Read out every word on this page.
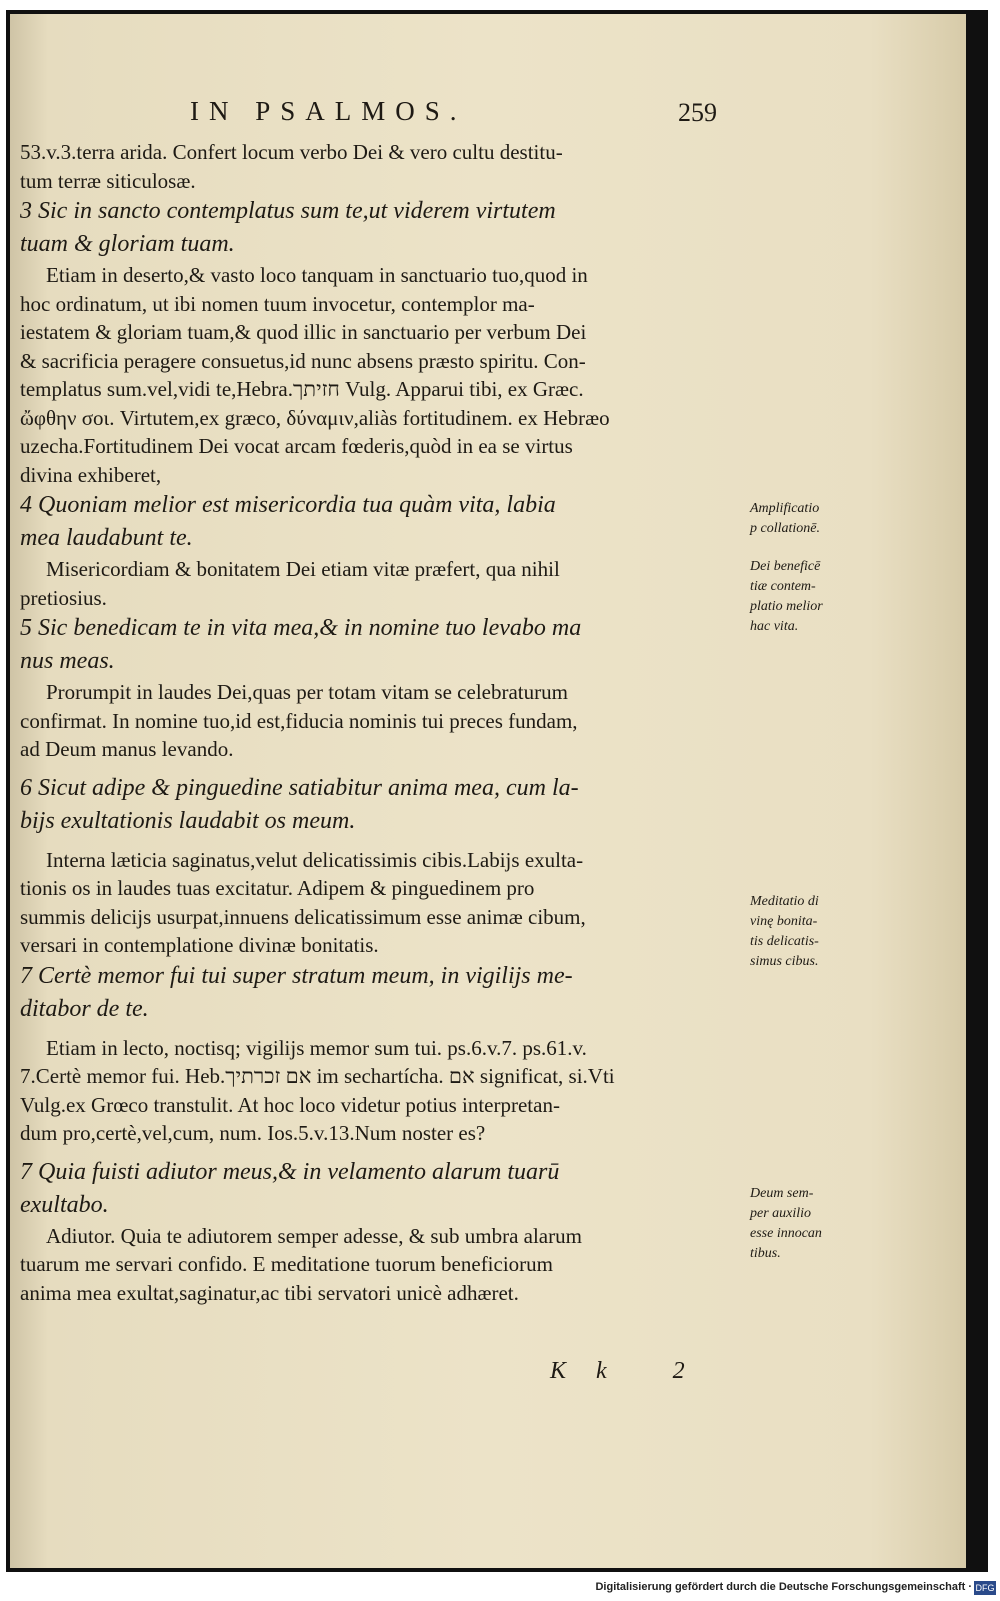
IN PSALMOS.	259
53.v.3.terra arida. Confert locum verbo Dei & vero cultu destitu-
tum terræ siticulosæ.
3 Sic in sancto contemplatus sum te,ut viderem virtutem
tuam & gloriam tuam.
Etiam in deserto,& vasto loco tanquam in sanctuario tuo,quod in
hoc ordinatum, ut ibi nomen tuum invocetur, contemplor ma-
iestatem & gloriam tuam,& quod illic in sanctuario per verbum Dei
& sacrificia peragere consuetus,id nunc absens præsto spiritu. Con-
templatus sum.vel,vidi te,Hebra.חזיתך Vulg. Apparui tibi, ex Græc.
ὤφθην σοι. Virtutem,ex græco, δύναμιν,aliàs fortitudinem. ex Hebræo
uzecha.Fortitudinem Dei vocat arcam fœderis,quòd in ea se virtus
divina exhiberet,
4 Quoniam melior est misericordia tua quàm vita, labia
mea laudabunt te.
Misericordiam & bonitatem Dei etiam vitæ præfert, qua nihil
pretiosius.
5 Sic benedicam te in vita mea,& in nomine tuo levabo ma
nus meas.
Prorumpit in laudes Dei,quas per totam vitam se celebraturum
confirmat. In nomine tuo,id est,fiducia nominis tui preces fundam,
ad Deum manus levando.
6 Sicut adipe & pinguedine satiabitur anima mea, cum la-
bijs exultationis laudabit os meum.
Interna læticia saginatus,velut delicatissimis cibis.Labijs exulta-
tionis os in laudes tuas excitatur. Adipem & pinguedinem pro
summis delicijs usurpat,innuens delicatissimum esse animæ cibum,
versari in contemplatione divinæ bonitatis.
7 Certè memor fui tui super stratum meum, in vigilijs me-
ditabor de te.
Etiam in lecto, noctisq; vigilijs memor sum tui. ps.6.v.7. ps.61.v.
7.Certè memor fui. Heb.אם זכרתיך im sechartícha. אם significat, si.Vti
Vulg.ex Grœco transtulit. At hoc loco videtur potius interpretan-
dum pro,certè,vel,cum, num. Ios.5.v.13.Num noster es?
7 Quia fuisti adiutor meus,& in velamento alarum tuarū
exultabo.
Adiutor. Quia te adiutorem semper adesse, & sub umbra alarum
tuarum me servari confido. E meditatione tuorum beneficiorum
anima mea exultat,saginatur,ac tibi servatori unicè adhæret.
Amplificatio
p collationē.
Dei beneficē
tiæ contem-
platio melior
hac vita.
Meditatio di
vinę bonita-
tis delicatis-
simus cibus.
Deum sem-
per auxilio
esse innocan
tibus.
Kk 2
Digitalisierung gefördert durch die Deutsche Forschungsgemeinschaft · DFG
